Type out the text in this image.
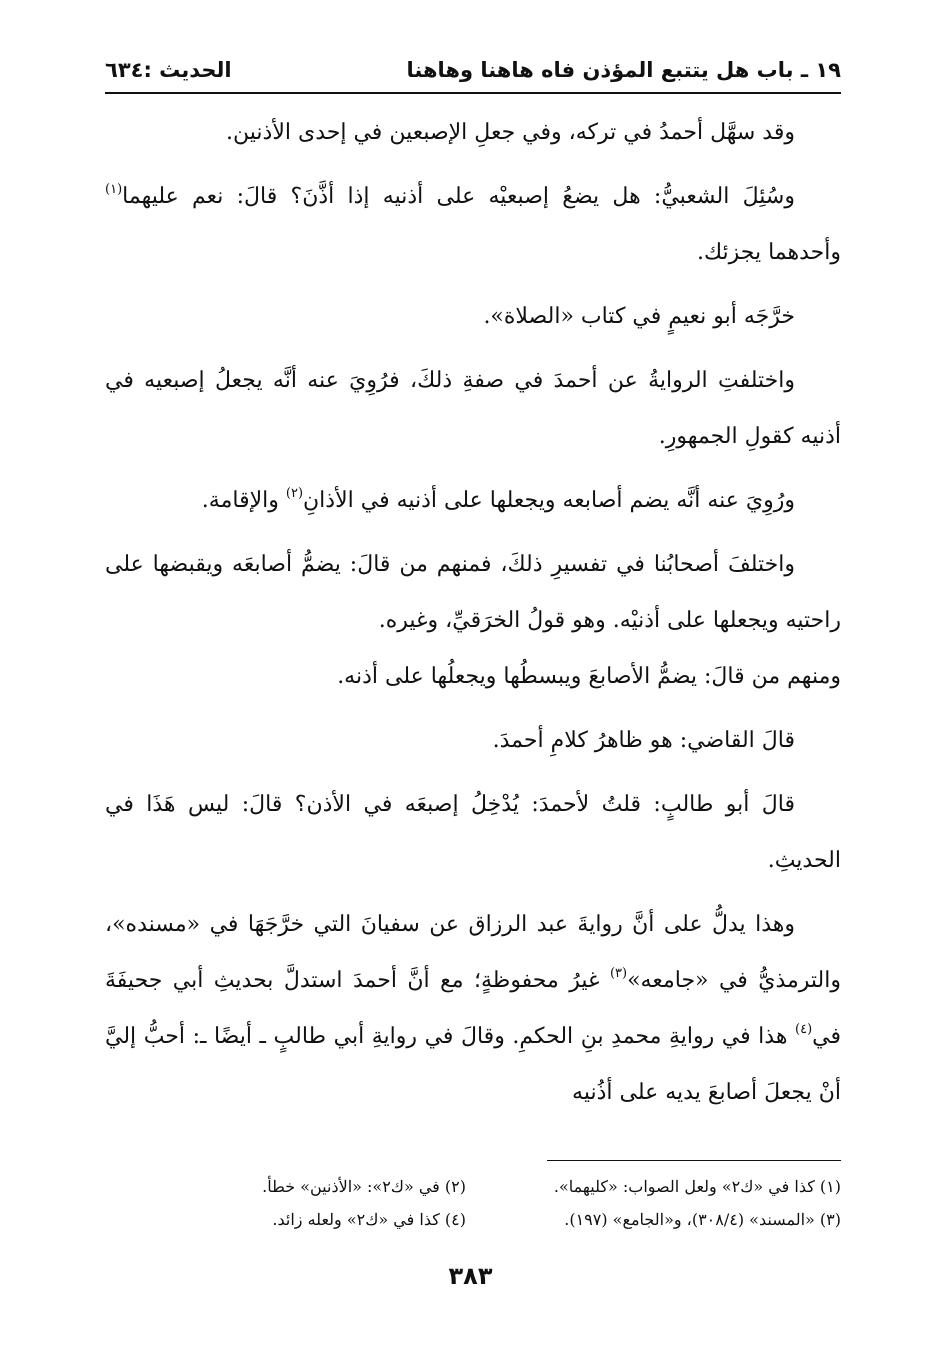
١٩ ـ باب هل يتتبع المؤذن فاه هاهنا وهاهنا
الحديث :٦٣٤

وقد سهَّل أحمدُ في تركه، وفي جعلِ الإصبعين في إحدى الأذنين.

وسُئِلَ الشعبيُّ: هل يضعُ إصبعيْه على أذنيه إذا أذَّنَ؟ قالَ: نعم عليهما$^{(١)}$ وأحدهما يجزئك.

خرَّجَه أبو نعيمٍ في كتاب «الصلاة».

واختلفتِ الروايةُ عن أحمدَ في صفةِ ذلكَ، فرُوِيَ عنه أنَّه يجعلُ إصبعيه في أذنيه كقولِ الجمهورِ.

ورُوِيَ عنه أنَّه يضم أصابعه ويجعلها على أذنيه في الأذانِ$^{(٢)}$ والإقامة.

واختلفَ أصحابُنا في تفسيرِ ذلكَ، فمنهم من قالَ: يضمُّ أصابعَه ويقبضها على راحتيه ويجعلها على أذنيْه. وهو قولُ الخرَقيِّ، وغيره.

ومنهم من قالَ: يضمُّ الأصابعَ ويبسطُها ويجعلُها على أذنه.

قالَ القاضي: هو ظاهرُ كلامِ أحمدَ.

قالَ أبو طالبٍ: قلتُ لأحمدَ: يُدْخِلُ إصبعَه في الأذن؟ قالَ: ليس هَذَا في الحديثِ.

وهذا يدلُّ على أنَّ روايةَ عبد الرزاق عن سفيانَ التي خرَّجَهَا في «مسنده»، والترمذيُّ في «جامعه»$^{(٣)}$ غيرُ محفوظةٍ؛ مع أنَّ أحمدَ استدلَّ بحديثِ أبي جحيفَةَ في$^{(٤)}$ هذا في روايةِ محمدِ بنِ الحكمِ. وقالَ في روايةِ أبي طالبٍ ـ أيضًا ـ: أحبُّ إليَّ أنْ يجعلَ أصابعَ يديه على أذُنيه

(١) كذا في «ك٢» ولعل الصواب: «كليهما».
(٢) في «ك٢»: «الأذنين» خطأ.
(٣) «المسند» (٣٠٨/٤)، و«الجامع» (١٩٧).
(٤) كذا في «ك٢» ولعله زائد.
٣٨٣
